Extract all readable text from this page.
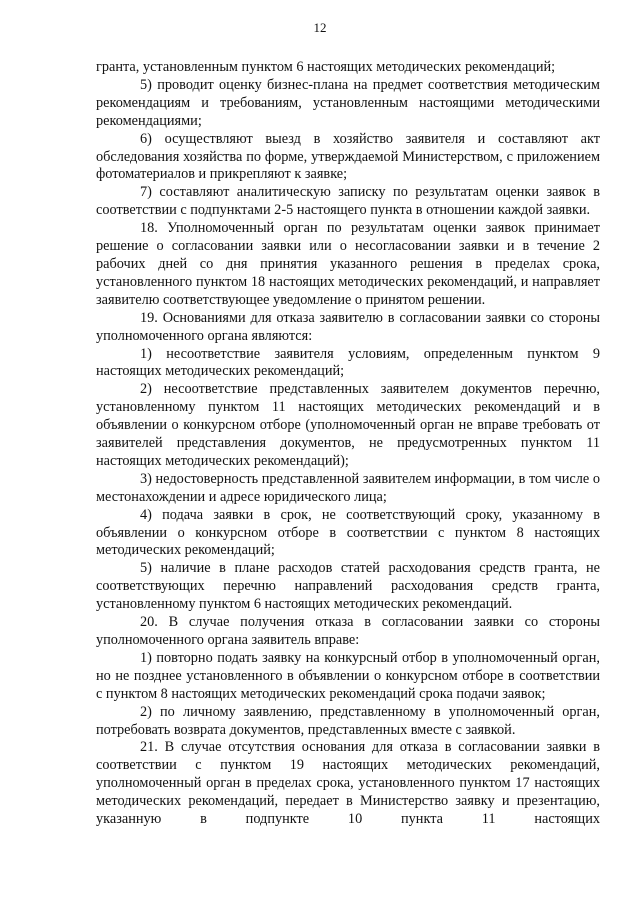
12

гранта, установленным пунктом 6 настоящих методических рекомендаций;

5) проводит оценку бизнес-плана на предмет соответствия методическим рекомендациям и требованиям, установленным настоящими методическими рекомендациями;

6) осуществляют выезд в хозяйство заявителя и составляют акт обследования хозяйства по форме, утверждаемой Министерством, с приложением фотоматериалов и прикрепляют к заявке;

7) составляют аналитическую записку по результатам оценки заявок в соответствии с подпунктами 2-5 настоящего пункта в отношении каждой заявки.

18. Уполномоченный орган по результатам оценки заявок принимает решение о согласовании заявки или о несогласовании заявки и в течение 2 рабочих дней со дня принятия указанного решения в пределах срока, установленного пунктом 18 настоящих методических рекомендаций, и направляет заявителю соответствующее уведомление о принятом решении.

19. Основаниями для отказа заявителю в согласовании заявки со стороны уполномоченного органа являются:

1) несоответствие заявителя условиям, определенным пунктом 9 настоящих методических рекомендаций;

2) несоответствие представленных заявителем документов перечню, установленному пунктом 11 настоящих методических рекомендаций и в объявлении о конкурсном отборе (уполномоченный орган не вправе требовать от заявителей представления документов, не предусмотренных пунктом 11 настоящих методических рекомендаций);

3) недостоверность представленной заявителем информации, в том числе о местонахождении и адресе юридического лица;

4) подача заявки в срок, не соответствующий сроку, указанному в объявлении о конкурсном отборе в соответствии с пунктом 8 настоящих методических рекомендаций;

5) наличие в плане расходов статей расходования средств гранта, не соответствующих перечню направлений расходования средств гранта, установленному пунктом 6 настоящих методических рекомендаций.

20. В случае получения отказа в согласовании заявки со стороны уполномоченного органа заявитель вправе:

1) повторно подать заявку на конкурсный отбор в уполномоченный орган, но не позднее установленного в объявлении о конкурсном отборе в соответствии с пунктом 8 настоящих методических рекомендаций срока подачи заявок;

2) по личному заявлению, представленному в уполномоченный орган, потребовать возврата документов, представленных вместе с заявкой.

21. В случае отсутствия основания для отказа в согласовании заявки в соответствии с пунктом 19 настоящих методических рекомендаций, уполномоченный орган в пределах срока, установленного пунктом 17 настоящих методических рекомендаций, передает в Министерство заявку и презентацию, указанную в подпункте 10 пункта 11 настоящих
